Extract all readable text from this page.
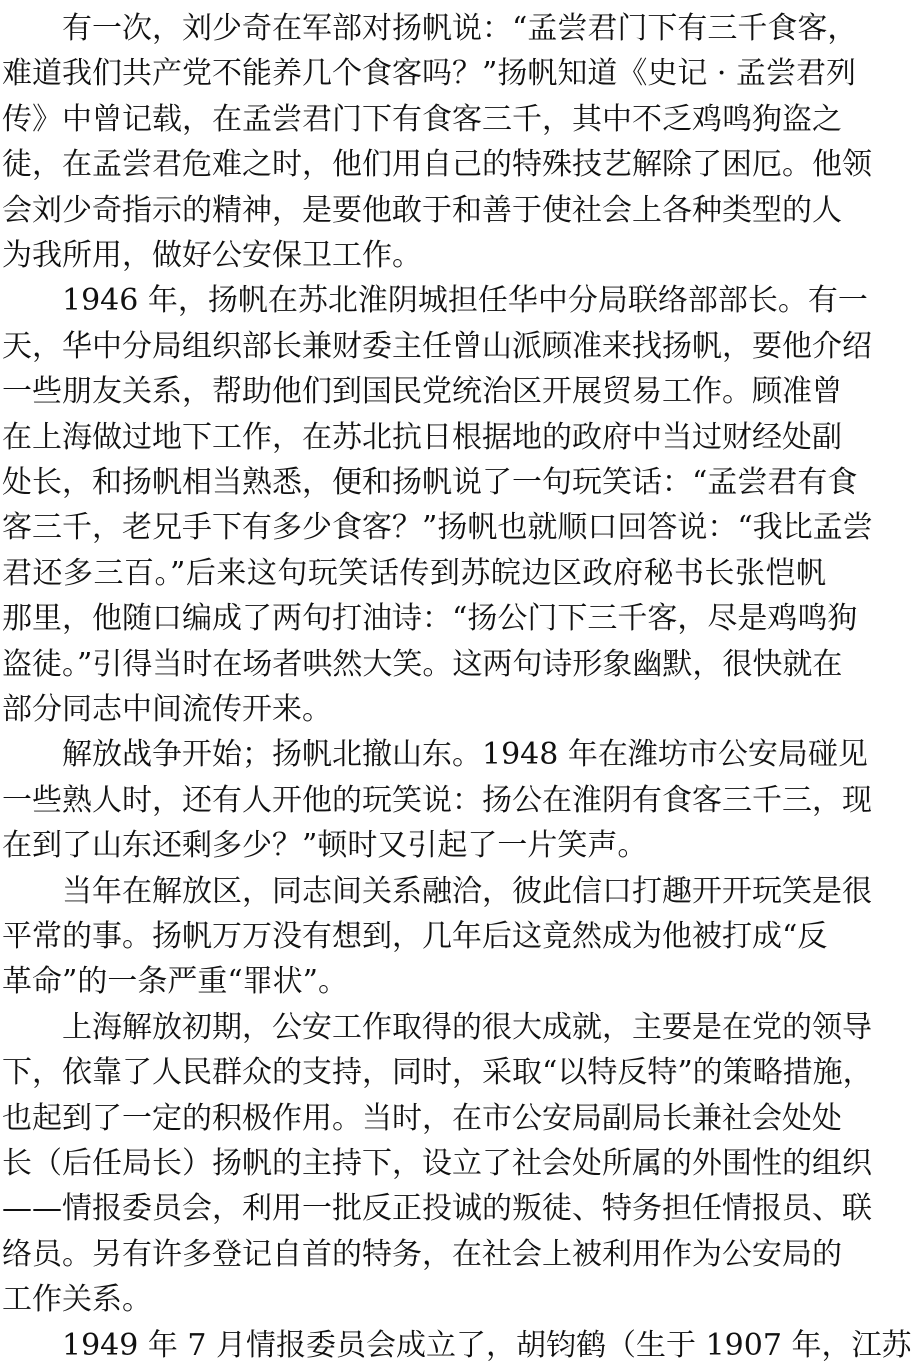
有一次，刘少奇在军部对扬帆说：“孟尝君门下有三千食客，
难道我们共产党不能养几个食客吗？”扬帆知道《史记 · 孟尝君列
传》中曾记载，在孟尝君门下有食客三千，其中不乏鸡鸣狗盗之
徒，在孟尝君危难之时，他们用自己的特殊技艺解除了困厄。他领
会刘少奇指示的精神，是要他敢于和善于使社会上各种类型的人
为我所用，做好公安保卫工作。
1946 年，扬帆在苏北淮阴城担任华中分局联络部部长。有一
天，华中分局组织部长兼财委主任曾山派顾准来找扬帆，要他介绍
一些朋友关系，帮助他们到国民党统治区开展贸易工作。顾准曾
在上海做过地下工作，在苏北抗日根据地的政府中当过财经处副
处长，和扬帆相当熟悉，便和扬帆说了一句玩笑话：“孟尝君有食
客三千，老兄手下有多少食客？”扬帆也就顺口回答说：“我比孟尝
君还多三百。”后来这句玩笑话传到苏皖边区政府秘书长张恺帆
那里，他随口编成了两句打油诗：“扬公门下三千客，尽是鸡鸣狗
盗徒。”引得当时在场者哄然大笑。这两句诗形象幽默，很快就在
部分同志中间流传开来。
解放战争开始；扬帆北撤山东。1948 年在潍坊市公安局碰见
一些熟人时，还有人开他的玩笑说：扬公在淮阴有食客三千三，现
在到了山东还剩多少？”顿时又引起了一片笑声。
当年在解放区，同志间关系融洽，彼此信口打趣开开玩笑是很
平常的事。扬帆万万没有想到，几年后这竟然成为他被打成“反
革命”的一条严重“罪状”。
上海解放初期，公安工作取得的很大成就，主要是在党的领导
下，依靠了人民群众的支持，同时，采取“以特反特”的策略措施，
也起到了一定的积极作用。当时，在市公安局副局长兼社会处处
长（后任局长）扬帆的主持下，设立了社会处所属的外围性的组织
——情报委员会，利用一批反正投诚的叛徒、特务担任情报员、联
络员。另有许多登记自首的特务，在社会上被利用作为公安局的
工作关系。
1949 年 7 月情报委员会成立了，胡钧鹤（生于 1907 年，江苏
